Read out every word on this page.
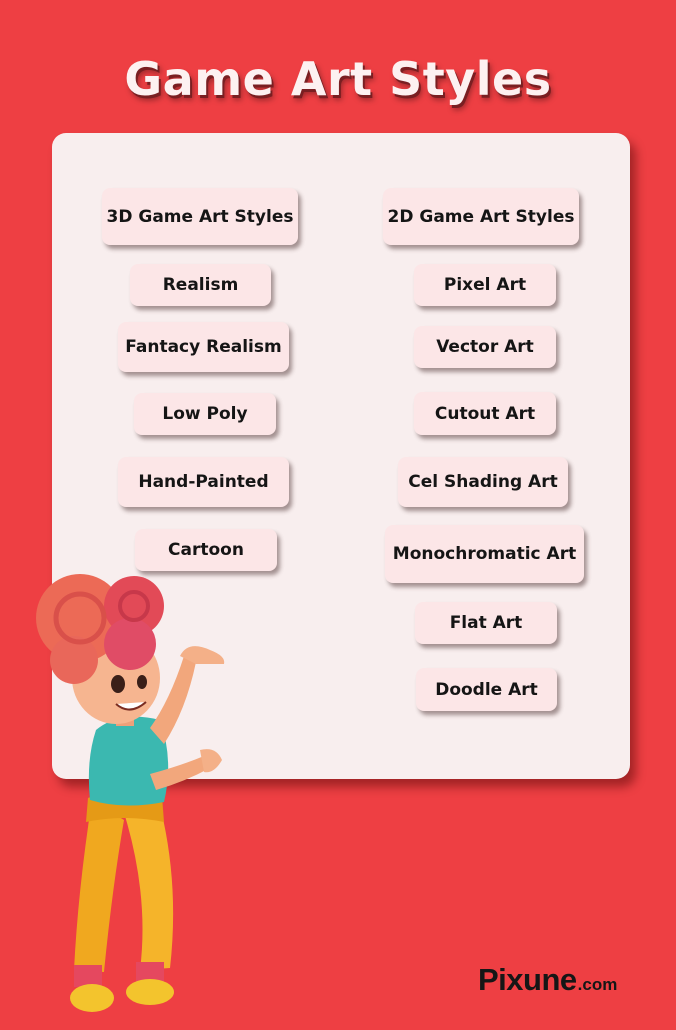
Game Art Styles
3D Game Art Styles
Realism
Fantacy Realism
Low Poly
Hand-Painted
Cartoon
2D Game Art Styles
Pixel Art
Vector Art
Cutout Art
Cel Shading Art
Monochromatic Art
Flat Art
Doodle Art
Pixune .com
